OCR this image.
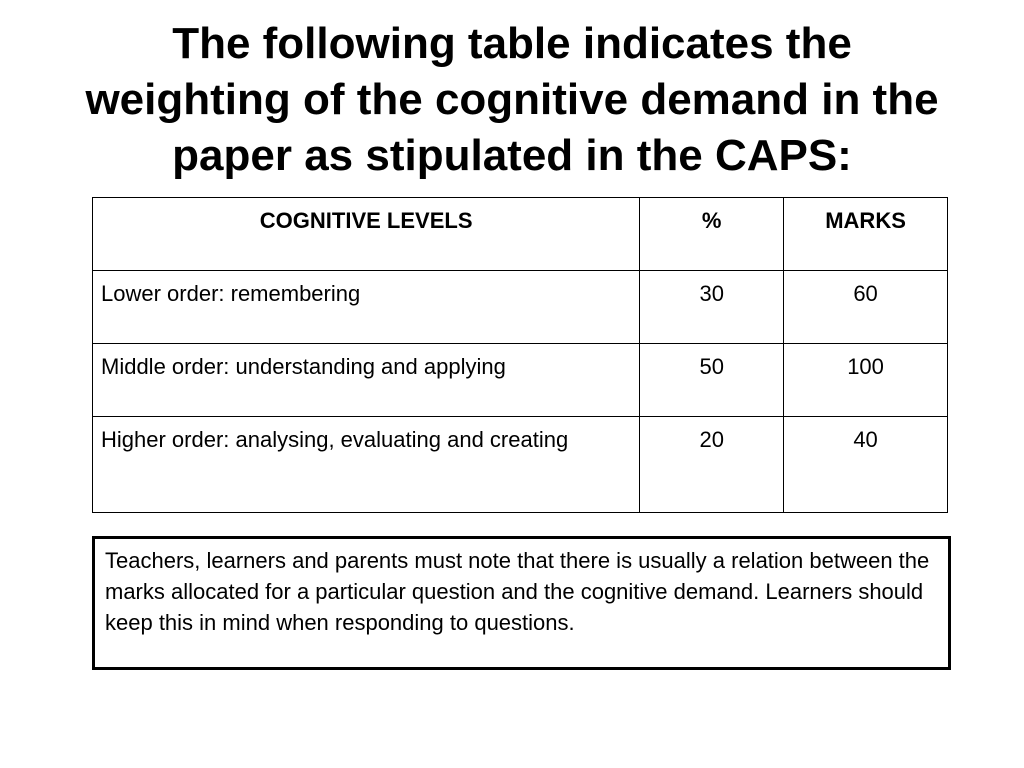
The following table indicates the
weighting of the cognitive demand in the
paper as stipulated in the CAPS:
COGNITIVE LEVELS	%	MARKS
Lower order: remembering	30	60
Middle order: understanding and applying	50	100
Higher order: analysing, evaluating and creating	20	40
Teachers, learners and parents must note that there is usually a relation between the marks allocated for a particular question and the cognitive demand. Learners should keep this in mind when responding to questions.
